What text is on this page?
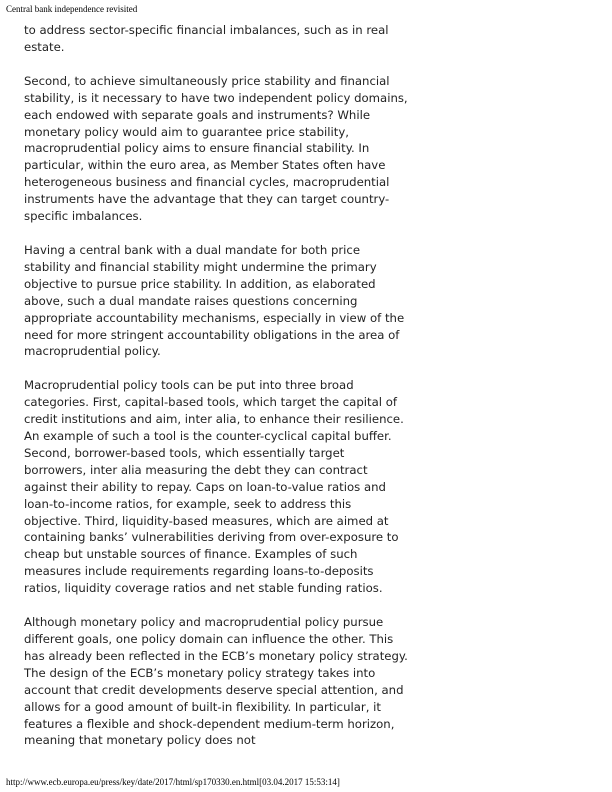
Central bank independence revisited

to address sector-specific financial imbalances, such as in real estate.

Second, to achieve simultaneously price stability and financial stability, is it necessary to have two independent policy domains, each endowed with separate goals and instruments? While monetary policy would aim to guarantee price stability, macroprudential policy aims to ensure financial stability. In particular, within the euro area, as Member States often have heterogeneous business and financial cycles, macroprudential instruments have the advantage that they can target country-specific imbalances.

Having a central bank with a dual mandate for both price stability and financial stability might undermine the primary objective to pursue price stability. In addition, as elaborated above, such a dual mandate raises questions concerning appropriate accountability mechanisms, especially in view of the need for more stringent accountability obligations in the area of macroprudential policy.

Macroprudential policy tools can be put into three broad categories. First, capital-based tools, which target the capital of credit institutions and aim, inter alia, to enhance their resilience. An example of such a tool is the counter-cyclical capital buffer. Second, borrower-based tools, which essentially target borrowers, inter alia measuring the debt they can contract against their ability to repay. Caps on loan-to-value ratios and loan-to-income ratios, for example, seek to address this objective. Third, liquidity-based measures, which are aimed at containing banks’ vulnerabilities deriving from over-exposure to cheap but unstable sources of finance. Examples of such measures include requirements regarding loans-to-deposits ratios, liquidity coverage ratios and net stable funding ratios.

Although monetary policy and macroprudential policy pursue different goals, one policy domain can influence the other. This has already been reflected in the ECB’s monetary policy strategy. The design of the ECB’s monetary policy strategy takes into account that credit developments deserve special attention, and allows for a good amount of built-in flexibility. In particular, it features a flexible and shock-dependent medium-term horizon, meaning that monetary policy does not

http://www.ecb.europa.eu/press/key/date/2017/html/sp170330.en.html[03.04.2017 15:53:14]
